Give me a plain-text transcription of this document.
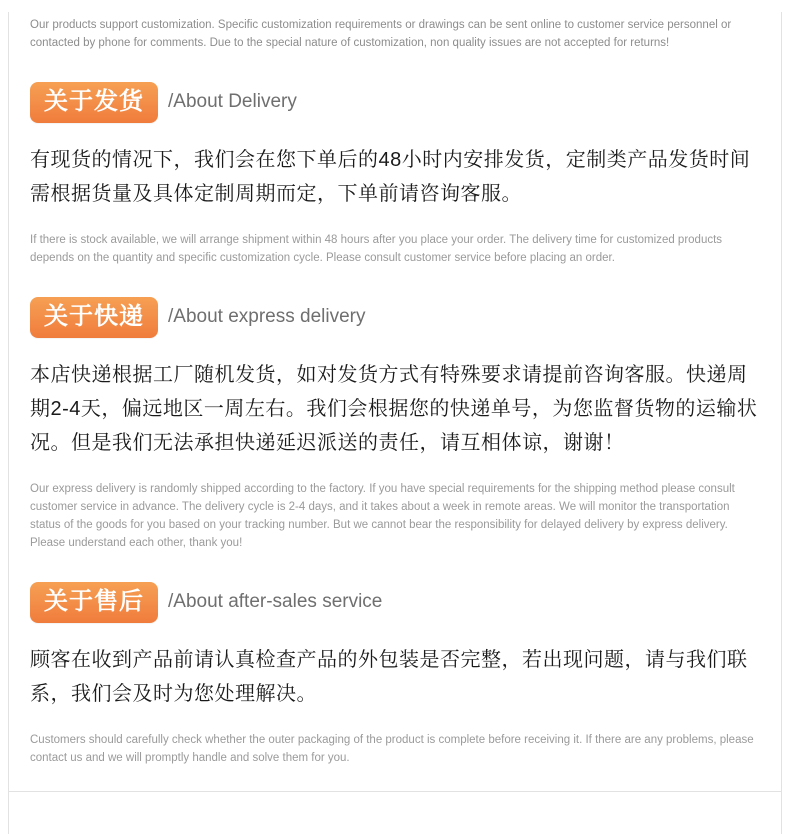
Our products support customization. Specific customization requirements or drawings can be sent online to customer service personnel or contacted by phone for comments. Due to the special nature of customization, non quality issues are not accepted for returns!

关于发货	/About Delivery

有现货的情况下，我们会在您下单后的48小时内安排发货，定制类产品发货时间需根据货量及具体定制周期而定，下单前请咨询客服。

If there is stock available, we will arrange shipment within 48 hours after you place your order. The delivery time for customized products depends on the quantity and specific customization cycle. Please consult customer service before placing an order.

关于快递	/About express delivery

本店快递根据工厂随机发货，如对发货方式有特殊要求请提前咨询客服。快递周期2-4天，偏远地区一周左右。我们会根据您的快递单号，为您监督货物的运输状况。但是我们无法承担快递延迟派送的责任，请互相体谅，谢谢！

Our express delivery is randomly shipped according to the factory. If you have special requirements for the shipping method please consult customer service in advance. The delivery cycle is 2-4 days, and it takes about a week in remote areas. We will monitor the transportation status of the goods for you based on your tracking number. But we cannot bear the responsibility for delayed delivery by express delivery. Please understand each other, thank you!

关于售后	/About after-sales service

顾客在收到产品前请认真检查产品的外包装是否完整，若出现问题，请与我们联系，我们会及时为您处理解决。

Customers should carefully check whether the outer packaging of the product is complete before receiving it. If there are any problems, please contact us and we will promptly handle and solve them for you.
